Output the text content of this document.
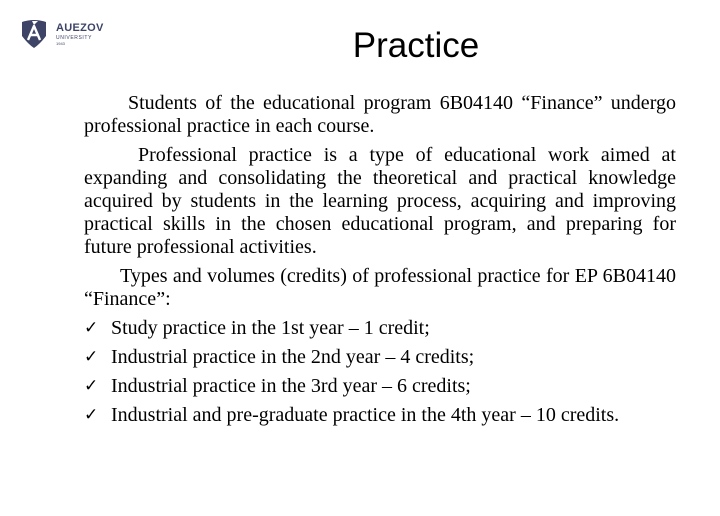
AUEZOV
UNIVERSITY
1943	Practice

Students of the educational program 6B04140 “Finance” undergo professional practice in each course.

Professional practice is a type of educational work aimed at expanding and consolidating the theoretical and practical knowledge acquired by students in the learning process, acquiring and improving practical skills in the chosen educational program, and preparing for future professional activities.

Types and volumes (credits) of professional practice for EP 6B04140 “Finance”:

✓ Study practice in the 1st year – 1 credit;
✓ Industrial practice in the 2nd year – 4 credits;
✓ Industrial practice in the 3rd year – 6 credits;
✓ Industrial and pre-graduate practice in the 4th year – 10 credits.
